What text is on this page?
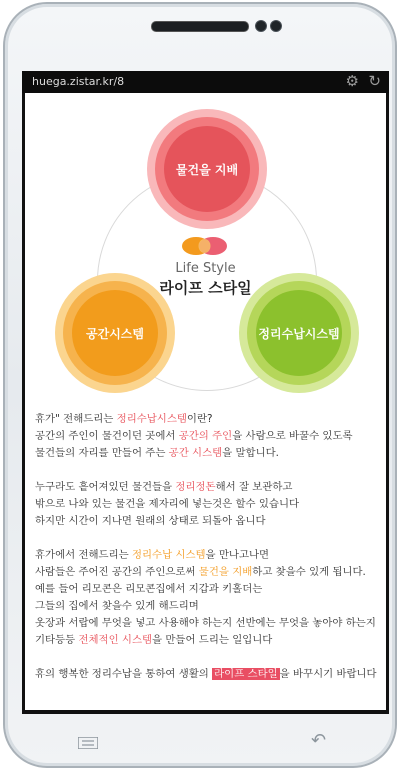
huega.zistar.kr/8	⚙ ↻
물건을 지배
공간시스템	정리수납시스템
Life Style
라이프 스타일

휴가" 전해드리는 정리수납시스템이란?

공간의 주인이 물건이던 곳에서 공간의 주인을 사람으로 바꿀수 있도록

물건들의 자리를 만들어 주는 공간 시스템을 말합니다.

누구라도 흩어져있던 물건들을 정리정돈해서 잘 보관하고

밖으로 나와 있는 물건을 제자리에 넣는것은 할수 있습니다

하지만 시간이 지나면 원래의 상태로 되돌아 옵니다

휴가에서 전해드리는 정리수납 시스템을 만나고나면

사람들은 주어진 공간의 주인으로써 물건을 지배하고 찾을수 있게 됩니다.

예를 들어 리모콘은 리모콘집에서 지갑과 키홀더는

그들의 집에서 찾을수 있게 해드리며

옷장과 서랍에 무엇을 넣고 사용해야 하는지 선반에는 무엇을 놓아야 하는지

기타등등 전체적인 시스템을 만들어 드리는 일입니다

휴의 행복한 정리수납을 통하여 생활의 라이프 스타일 을 바꾸시기 바랍니다

↶
